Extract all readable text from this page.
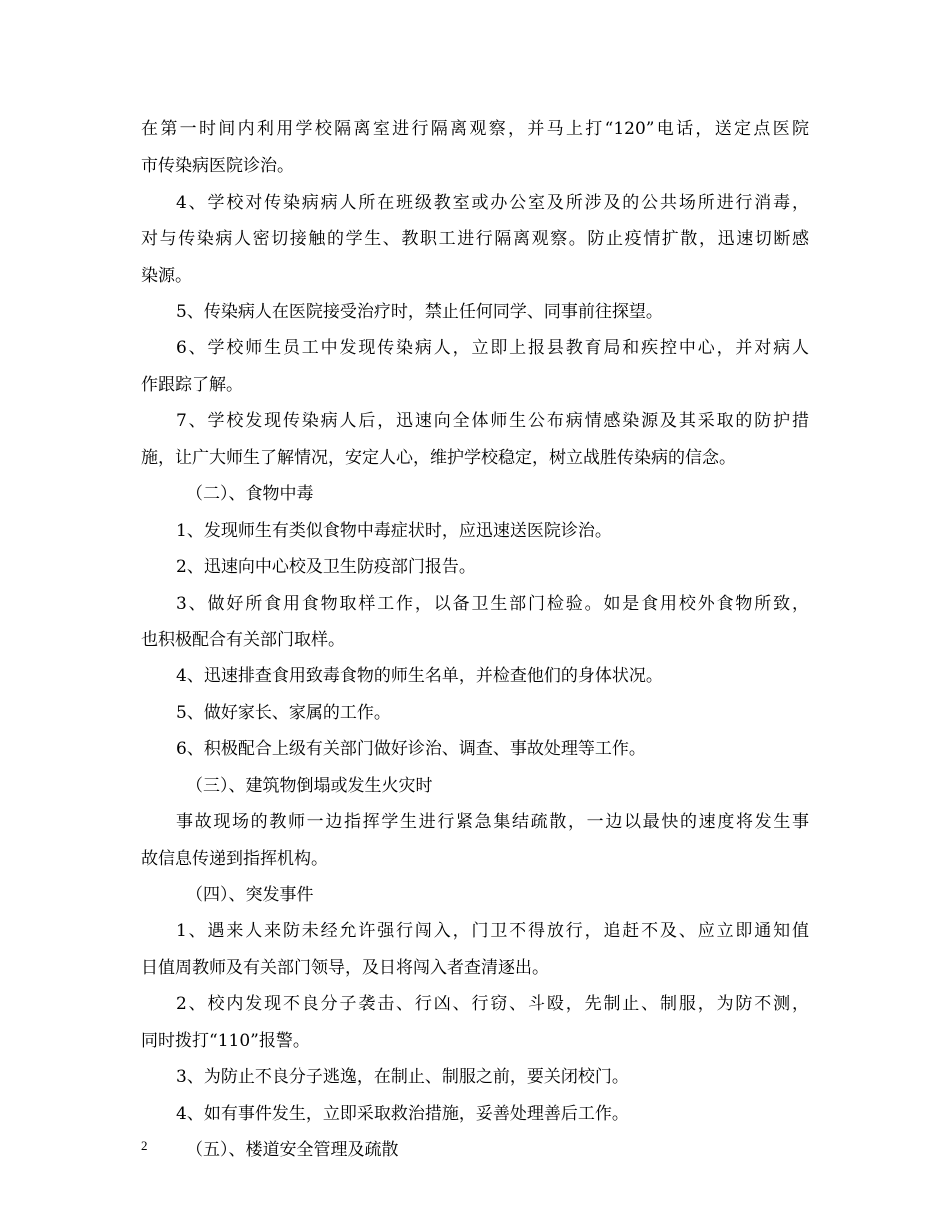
在第一时间内利用学校隔离室进行隔离观察，并马上打“120”电话，送定点医院
市传染病医院诊治。
4、学校对传染病病人所在班级教室或办公室及所涉及的公共场所进行消毒，
对与传染病人密切接触的学生、教职工进行隔离观察。防止疫情扩散，迅速切断感
染源。
5、传染病人在医院接受治疗时，禁止任何同学、同事前往探望。
6、学校师生员工中发现传染病人，立即上报县教育局和疾控中心，并对病人
作跟踪了解。
7、学校发现传染病人后，迅速向全体师生公布病情感染源及其采取的防护措
施，让广大师生了解情况，安定人心，维护学校稳定，树立战胜传染病的信念。
（二）、食物中毒
1、发现师生有类似食物中毒症状时，应迅速送医院诊治。
2、迅速向中心校及卫生防疫部门报告。
3、做好所食用食物取样工作，以备卫生部门检验。如是食用校外食物所致，
也积极配合有关部门取样。
4、迅速排查食用致毒食物的师生名单，并检查他们的身体状况。
5、做好家长、家属的工作。
6、积极配合上级有关部门做好诊治、调查、事故处理等工作。
（三）、建筑物倒塌或发生火灾时
事故现场的教师一边指挥学生进行紧急集结疏散，一边以最快的速度将发生事
故信息传递到指挥机构。
（四）、突发事件
1、遇来人来防未经允许强行闯入，门卫不得放行，追赶不及、应立即通知值
日值周教师及有关部门领导，及日将闯入者查清逐出。
2、校内发现不良分子袭击、行凶、行窃、斗殴，先制止、制服，为防不测，
同时拨打“110”报警。
3、为防止不良分子逃逸，在制止、制服之前，要关闭校门。
4、如有事件发生，立即采取救治措施，妥善处理善后工作。
（五）、楼道安全管理及疏散
2
